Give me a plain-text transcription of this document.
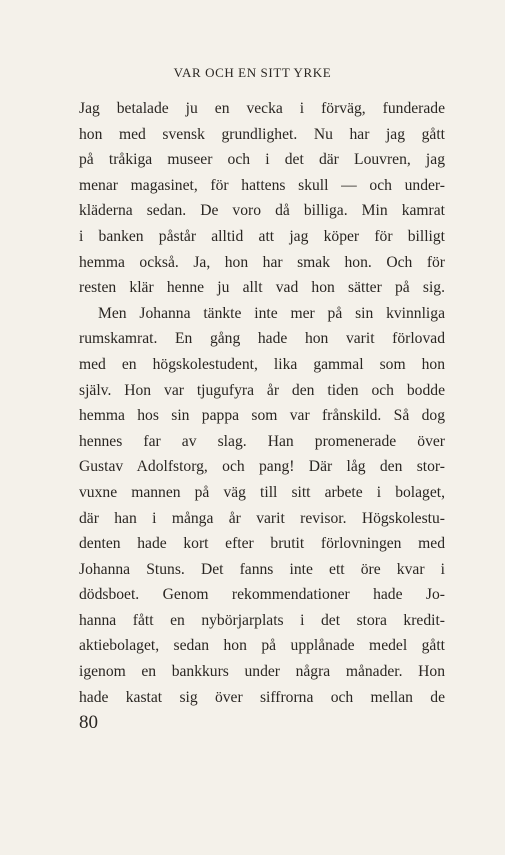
VAR OCH EN SITT YRKE
Jag betalade ju en vecka i förväg, funderade
hon med svensk grundlighet. Nu har jag gått
på tråkiga museer och i det där Louvren, jag
menar magasinet, för hattens skull — och under-
kläderna sedan. De voro då billiga. Min kamrat
i banken påstår alltid att jag köper för billigt
hemma också. Ja, hon har smak hon. Och för
resten klär henne ju allt vad hon sätter på sig.
Men Johanna tänkte inte mer på sin kvinnliga
rumskamrat. En gång hade hon varit förlovad
med en högskolestudent, lika gammal som hon
själv. Hon var tjugufyra år den tiden och bodde
hemma hos sin pappa som var frånskild. Så dog
hennes far av slag. Han promenerade över
Gustav Adolfstorg, och pang! Där låg den stor-
vuxne mannen på väg till sitt arbete i bolaget,
där han i många år varit revisor. Högskolestu-
denten hade kort efter brutit förlovningen med
Johanna Stuns. Det fanns inte ett öre kvar i
dödsboet. Genom rekommendationer hade Jo-
hanna fått en nybörjarplats i det stora kredit-
aktiebolaget, sedan hon på upplånade medel gått
igenom en bankkurs under några månader. Hon
hade kastat sig över siffrorna och mellan de
80
